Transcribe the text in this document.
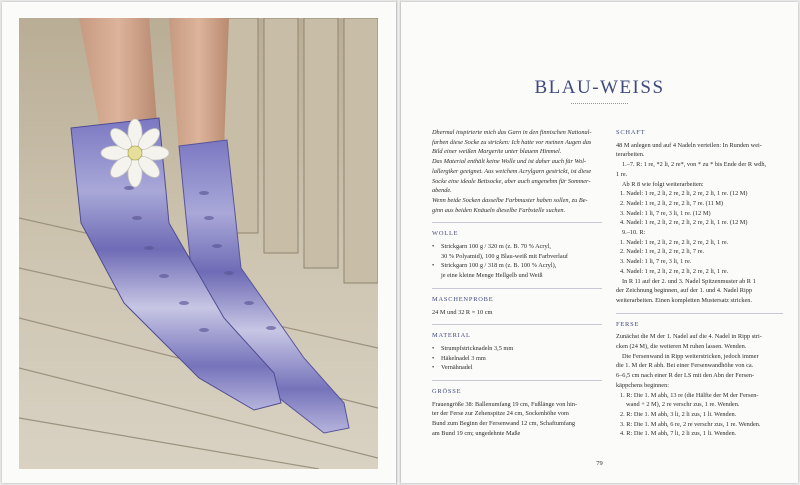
BLAU-WEISS

Dhermal inspirierte mich das Garn in den finnischen National-
farben diese Socke zu stricken: Ich hatte vor meinen Augen das
Bild einer weißen Margerite unter blauem Himmel.
Das Material enthält keine Wolle und ist daher auch für Wol-
lallergiker geeignet. Aus weichem Acrylgarn gestrickt, ist diese
Socke eine ideale Bettsocke, aber auch angenehm für Sommer-
abende.
Wenn beide Socken dasselbe Farbmuster haben sollen, zu Be-
ginn aus beiden Knäueln dieselbe Farbstelle suchen.

WOLLE
• Strickgarn 100 g / 320 m (z. B. 70 % Acryl,
30 % Polyamid), 100 g Blau-weiß mit Farbverlauf
• Strickgarn 100 g / 318 m (z. B. 100 % Acryl),
je eine kleine Menge Hellgelb und Weiß
MASCHENPROBE

24 M und 32 R = 10 cm

MATERIAL
• Strumpfstricknadeln 3,5 mm
• Häkelnadel 3 mm
• Vernähnadel
GRÖSSE

Frauengröße 38: Ballenumfang 19 cm, Fußlänge von hin-
ter der Ferse zur Zehenspitze 24 cm, Sockenhöhe vom
Bund zum Beginn der Fersenwand 12 cm, Schaftumfang
am Bund 19 cm; ungedehnte Maße

SCHAFT

48 M anlegen und auf 4 Nadeln verteilen: In Runden wei-
terarbeiten.

1.–7. R: 1 re, *2 li, 2 re*, von * zu * bis Ende der R wdh,
1 re.

Ab R 8 wie folgt weiterarbeiten:

1. Nadel: 1 re, 2 li, 2 re, 2 li, 2 re, 2 li, 1 re. (12 M)
2. Nadel: 1 re, 2 li, 2 re, 2 li, 7 re. (11 M)
3. Nadel: 1 li, 7 re, 3 li, 1 re. (12 M)
4. Nadel: 1 re, 2 li, 2 re, 2 li, 2 re, 2 li, 1 re. (12 M)

9.–10. R:

1. Nadel: 1 re, 2 li, 2 re, 2 li, 2 re, 2 li, 1 re.
2. Nadel: 1 re, 2 li, 2 re, 2 li, 7 re.
3. Nadel: 1 li, 7 re, 3 li, 1 re.
4. Nadel: 1 re, 2 li, 2 re, 2 li, 2 re, 2 li, 1 re.

In R 11 auf der 2. und 3. Nadel Spitzenmuster ab R 1
der Zeichnung beginnen, auf der 1. und 4. Nadel Ripp
weiterarbeiten. Einen kompletten Mustersatz stricken.

FERSE

Zunächst die M der 1. Nadel auf die 4. Nadel in Ripp stri-
cken (24 M), die weiteren M ruhen lassen. Wenden.

Die Fersenwand in Ripp weiterstricken, jedoch immer
die 1. M der R abh. Bei einer Fersenwandhöhe von ca.
6–6,5 cm nach einer R der LS mit den Abn der Fersen-
käppchens beginnen:

1. R: Die 1. M abh, 13 re (die Hälfte der M der Fersen-
wand + 2 M), 2 re verschr zus, 1 re. Wenden.
2. R: Die 1. M abh, 3 li, 2 li zus, 1 li. Wenden.
3. R: Die 1. M abh, 6 re, 2 re verschr zus, 1 re. Wenden.
4. R: Die 1. M abh, 7 li, 2 li zus, 1 li. Wenden.

79
